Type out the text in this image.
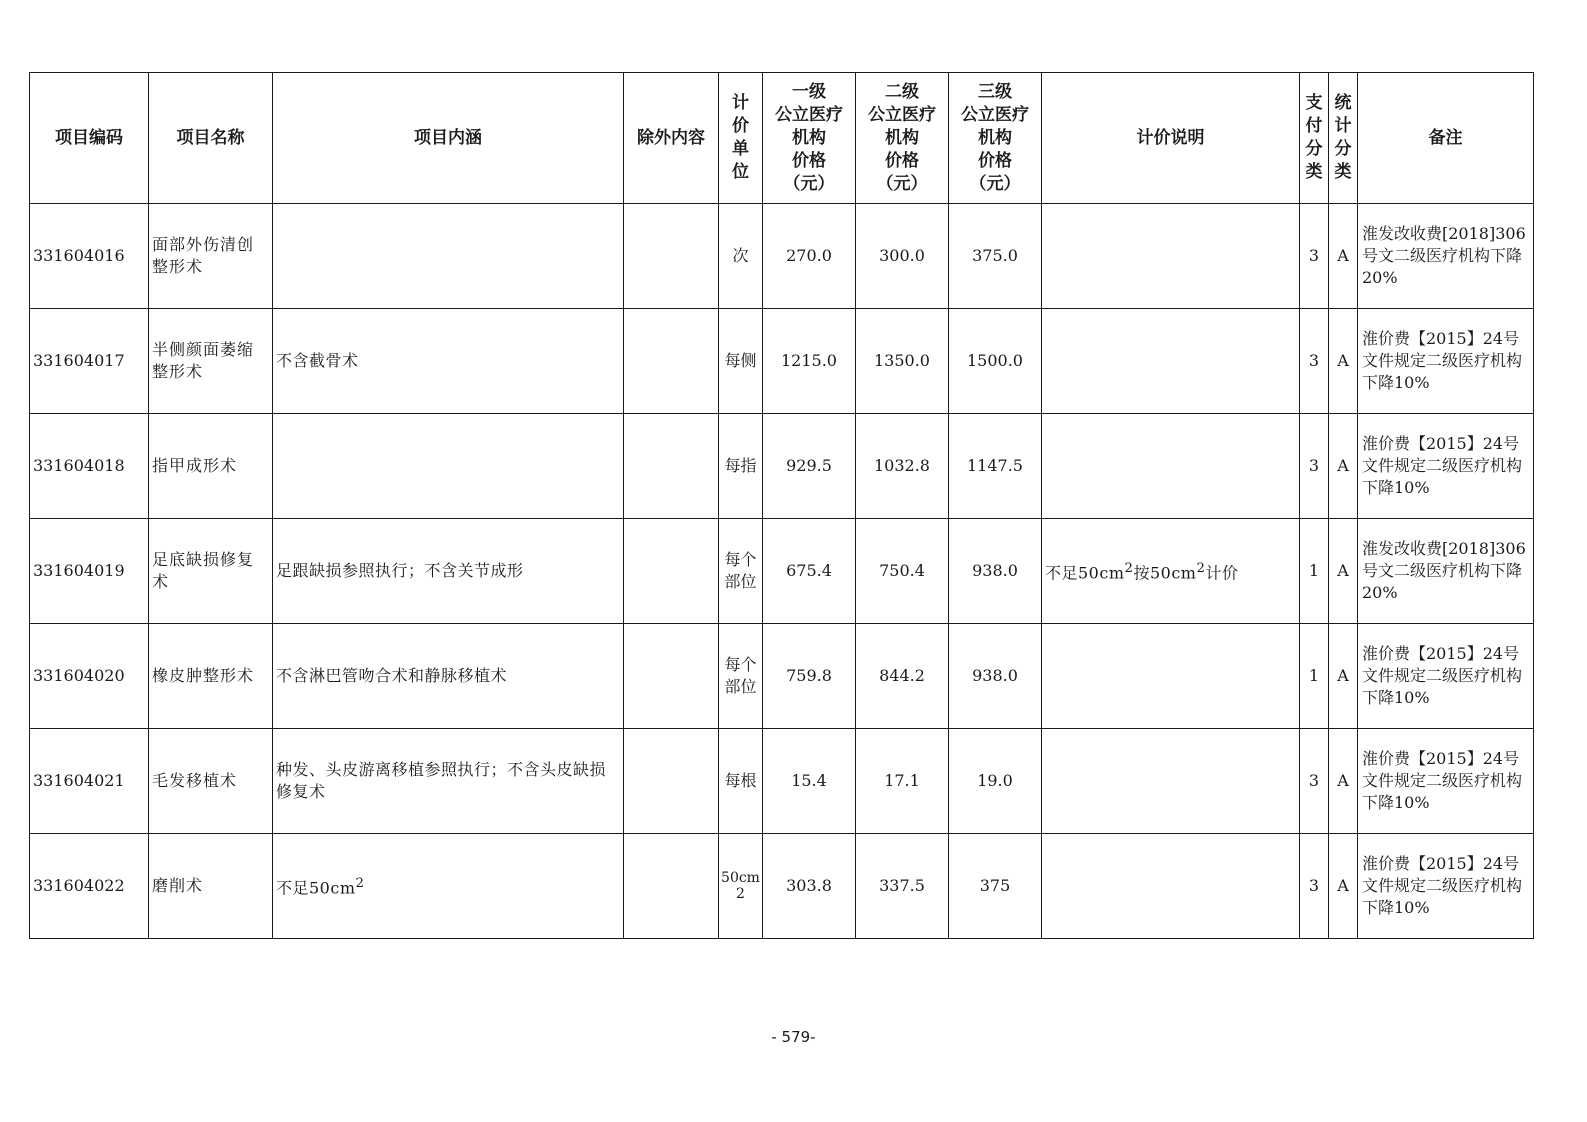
项目编码	项目名称	项目内涵	除外内容	计
价
单
位	一级
公立医疗
机构
价格
（元）	二级
公立医疗
机构
价格
（元）	三级
公立医疗
机构
价格
（元）	计价说明	支
付
分
类	统
计
分
类	备注
331604016	面部外伤清创整形术			次	270.0	300.0	375.0		3	A	淮发改收费[2018]306号文二级医疗机构下降20%
331604017	半侧颜面萎缩整形术	不含截骨术		每侧	1215.0	1350.0	1500.0		3	A	淮价费【2015】24号文件规定二级医疗机构下降10%
331604018	指甲成形术			每指	929.5	1032.8	1147.5		3	A	淮价费【2015】24号文件规定二级医疗机构下降10%
331604019	足底缺损修复术	足跟缺损参照执行；不含关节成形		每个
部位	675.4	750.4	938.0	不足$50cm^2$按$50cm^2$计价	1	A	淮发改收费[2018]306号文二级医疗机构下降20%
331604020	橡皮肿整形术	不含淋巴管吻合术和静脉移植术		每个
部位	759.8	844.2	938.0		1	A	淮价费【2015】24号文件规定二级医疗机构下降10%
331604021	毛发移植术	种发、头皮游离移植参照执行；不含头皮缺损修复术		每根	15.4	17.1	19.0		3	A	淮价费【2015】24号文件规定二级医疗机构下降10%
331604022	磨削术	不足$50cm^2$		50cm
2	303.8	337.5	375		3	A	淮价费【2015】24号文件规定二级医疗机构下降10%
- 579-
